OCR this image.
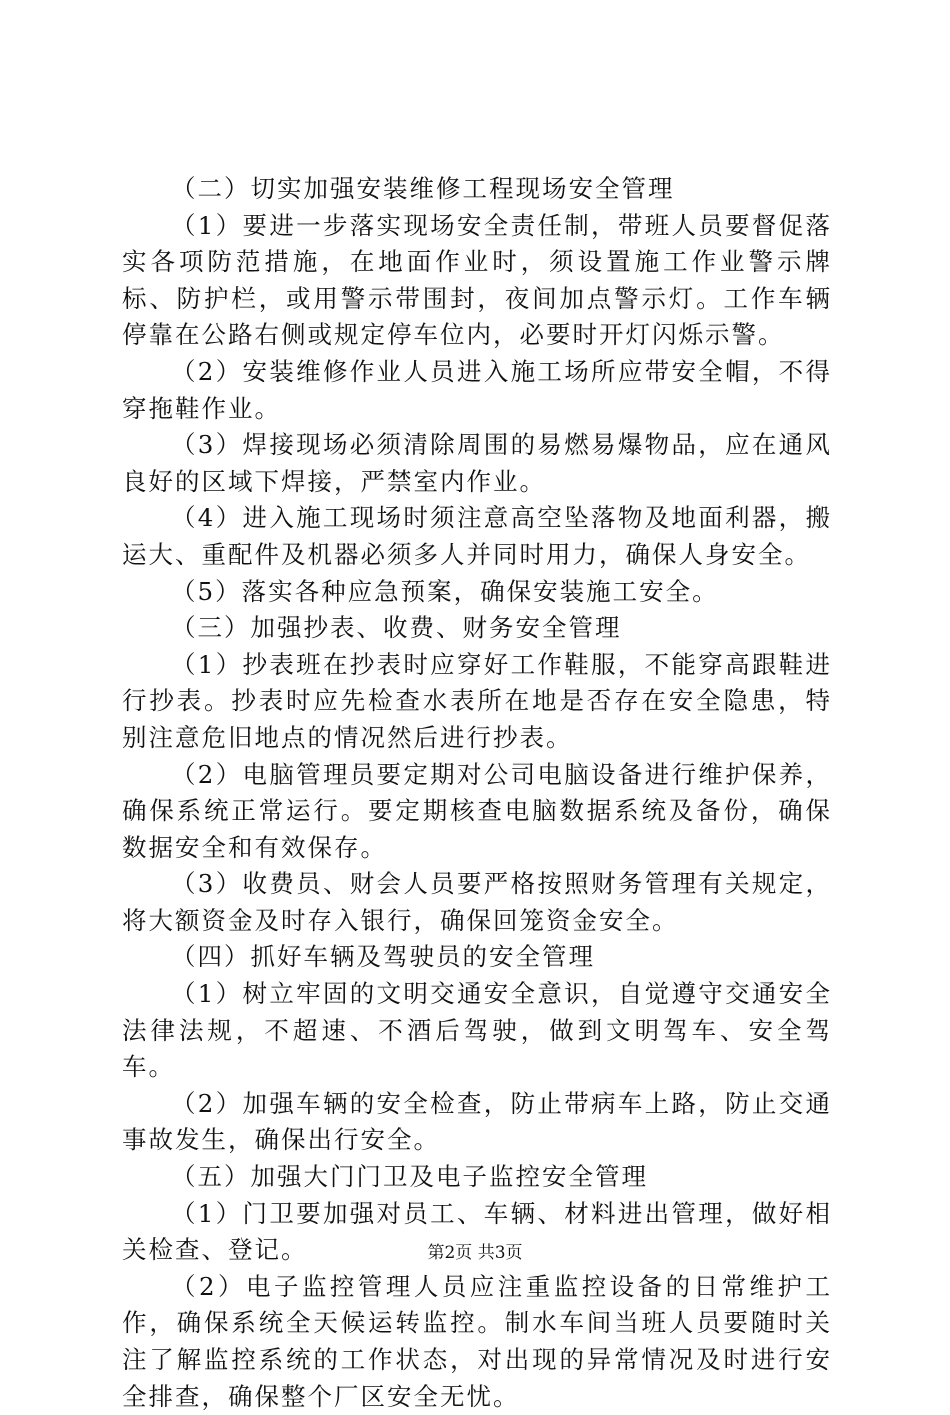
（二）切实加强安装维修工程现场安全管理

（1）要进一步落实现场安全责任制，带班人员要督促落实各项防范措施，在地面作业时，须设置施工作业警示牌标、防护栏，或用警示带围封，夜间加点警示灯。工作车辆停靠在公路右侧或规定停车位内，必要时开灯闪烁示警。

（2）安装维修作业人员进入施工场所应带安全帽，不得穿拖鞋作业。

（3）焊接现场必须清除周围的易燃易爆物品，应在通风良好的区域下焊接，严禁室内作业。

（4）进入施工现场时须注意高空坠落物及地面利器，搬运大、重配件及机器必须多人并同时用力，确保人身安全。

（5）落实各种应急预案，确保安装施工安全。

（三）加强抄表、收费、财务安全管理

（1）抄表班在抄表时应穿好工作鞋服，不能穿高跟鞋进行抄表。抄表时应先检查水表所在地是否存在安全隐患，特别注意危旧地点的情况然后进行抄表。

（2）电脑管理员要定期对公司电脑设备进行维护保养，确保系统正常运行。要定期核查电脑数据系统及备份，确保数据安全和有效保存。

（3）收费员、财会人员要严格按照财务管理有关规定，将大额资金及时存入银行，确保回笼资金安全。

（四）抓好车辆及驾驶员的安全管理

（1）树立牢固的文明交通安全意识，自觉遵守交通安全法律法规，不超速、不酒后驾驶，做到文明驾车、安全驾车。

（2）加强车辆的安全检查，防止带病车上路，防止交通事故发生，确保出行安全。

（五）加强大门门卫及电子监控安全管理

（1）门卫要加强对员工、车辆、材料进出管理，做好相关检查、登记。

（2）电子监控管理人员应注重监控设备的日常维护工作，确保系统全天候运转监控。制水车间当班人员要随时关注了解监控系统的工作状态，对出现的异常情况及时进行安全排查，确保整个厂区安全无忧。

第2页 共3页
